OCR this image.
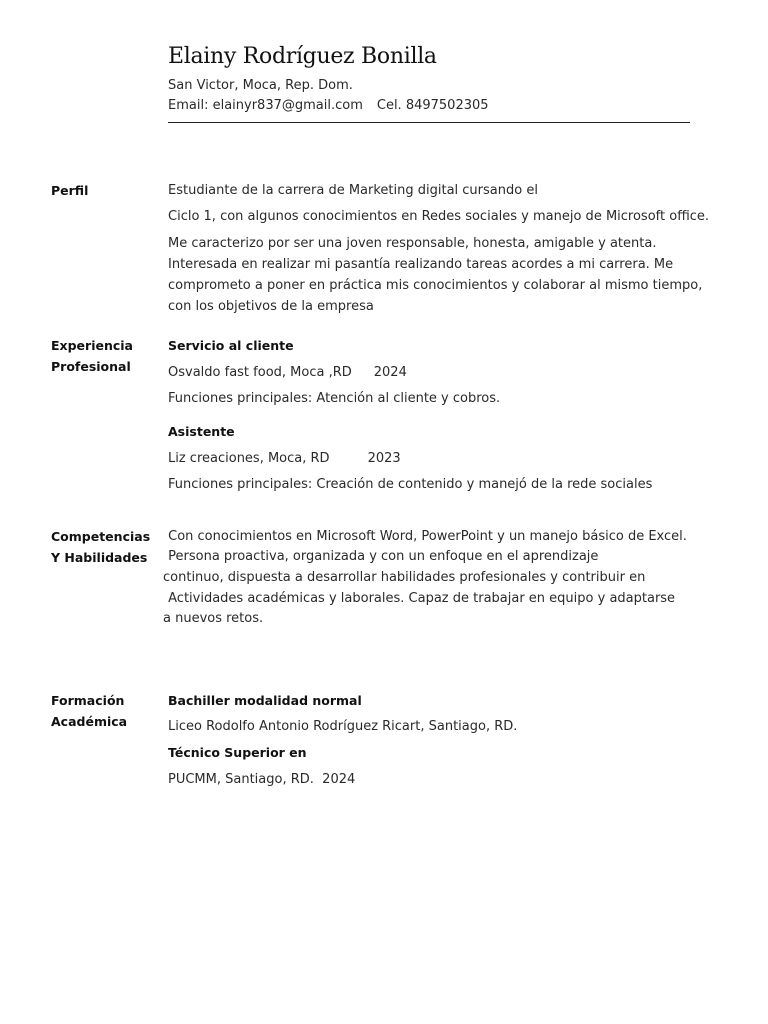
Elainy Rodríguez Bonilla
San Victor, Moca, Rep. Dom.
Email: elainyr837@gmail.com Cel. 8497502305
Perfil	Estudiante de la carrera de Marketing digital cursando el
Ciclo 1, con algunos conocimientos en Redes sociales y manejo de Microsoft office.
Me caracterizo por ser una joven responsable, honesta, amigable y atenta.
Interesada en realizar mi pasantía realizando tareas acordes a mi carrera. Me
comprometo a poner en práctica mis conocimientos y colaborar al mismo tiempo,
con los objetivos de la empresa
Experiencia
Profesional
Servicio al cliente
Osvaldo fast food, Moca ,RD 2024
Funciones principales: Atención al cliente y cobros.
Asistente
Liz creaciones, Moca, RD	2023
Funciones principales: Creación de contenido y manejó de la rede sociales
Competencias
Y Habilidades
Con conocimientos en Microsoft Word, PowerPoint y un manejo básico de Excel.
Persona proactiva, organizada y con un enfoque en el aprendizaje
continuo, dispuesta a desarrollar habilidades profesionales y contribuir en
Actividades académicas y laborales. Capaz de trabajar en equipo y adaptarse
a nuevos retos.
Formación
Académica
Bachiller modalidad normal
Liceo Rodolfo Antonio Rodríguez Ricart, Santiago, RD.
Técnico Superior en
PUCMM, Santiago, RD.  2024
